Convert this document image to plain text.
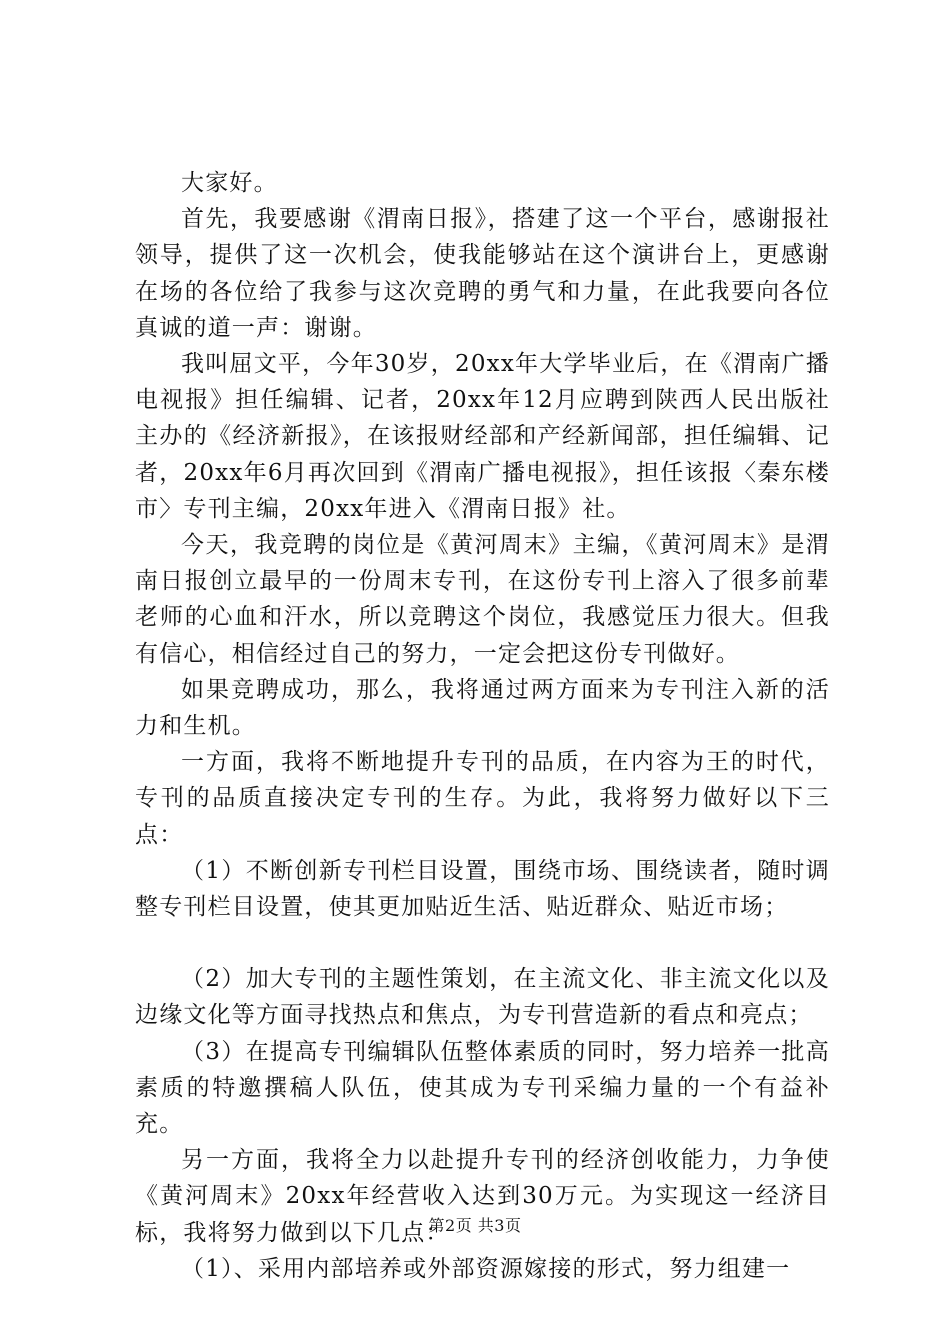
大家好。

首先，我要感谢《渭南日报》，搭建了这一个平台，感谢报社领导，提供了这一次机会，使我能够站在这个演讲台上，更感谢在场的各位给了我参与这次竞聘的勇气和力量，在此我要向各位真诚的道一声：谢谢。

我叫屈文平，今年30岁，20xx年大学毕业后，在《渭南广播电视报》担任编辑、记者，20xx年12月应聘到陕西人民出版社主办的《经济新报》，在该报财经部和产经新闻部，担任编辑、记者，20xx年6月再次回到《渭南广播电视报》，担任该报〈秦东楼市〉专刊主编，20xx年进入《渭南日报》社。

今天，我竞聘的岗位是《黄河周末》主编，《黄河周末》是渭南日报创立最早的一份周末专刊，在这份专刊上溶入了很多前辈老师的心血和汗水，所以竞聘这个岗位，我感觉压力很大。但我有信心，相信经过自己的努力，一定会把这份专刊做好。

如果竞聘成功，那么，我将通过两方面来为专刊注入新的活力和生机。

一方面，我将不断地提升专刊的品质，在内容为王的时代，专刊的品质直接决定专刊的生存。为此，我将努力做好以下三点：

（1）不断创新专刊栏目设置，围绕市场、围绕读者，随时调整专刊栏目设置，使其更加贴近生活、贴近群众、贴近市场；

（2）加大专刊的主题性策划，在主流文化、非主流文化以及边缘文化等方面寻找热点和焦点，为专刊营造新的看点和亮点；

（3）在提高专刊编辑队伍整体素质的同时，努力培养一批高素质的特邀撰稿人队伍，使其成为专刊采编力量的一个有益补充。

另一方面，我将全力以赴提升专刊的经济创收能力，力争使《黄河周末》20xx年经营收入达到30万元。为实现这一经济目标，我将努力做到以下几点：

（1）、采用内部培养或外部资源嫁接的形式，努力组建一

第2页 共3页
